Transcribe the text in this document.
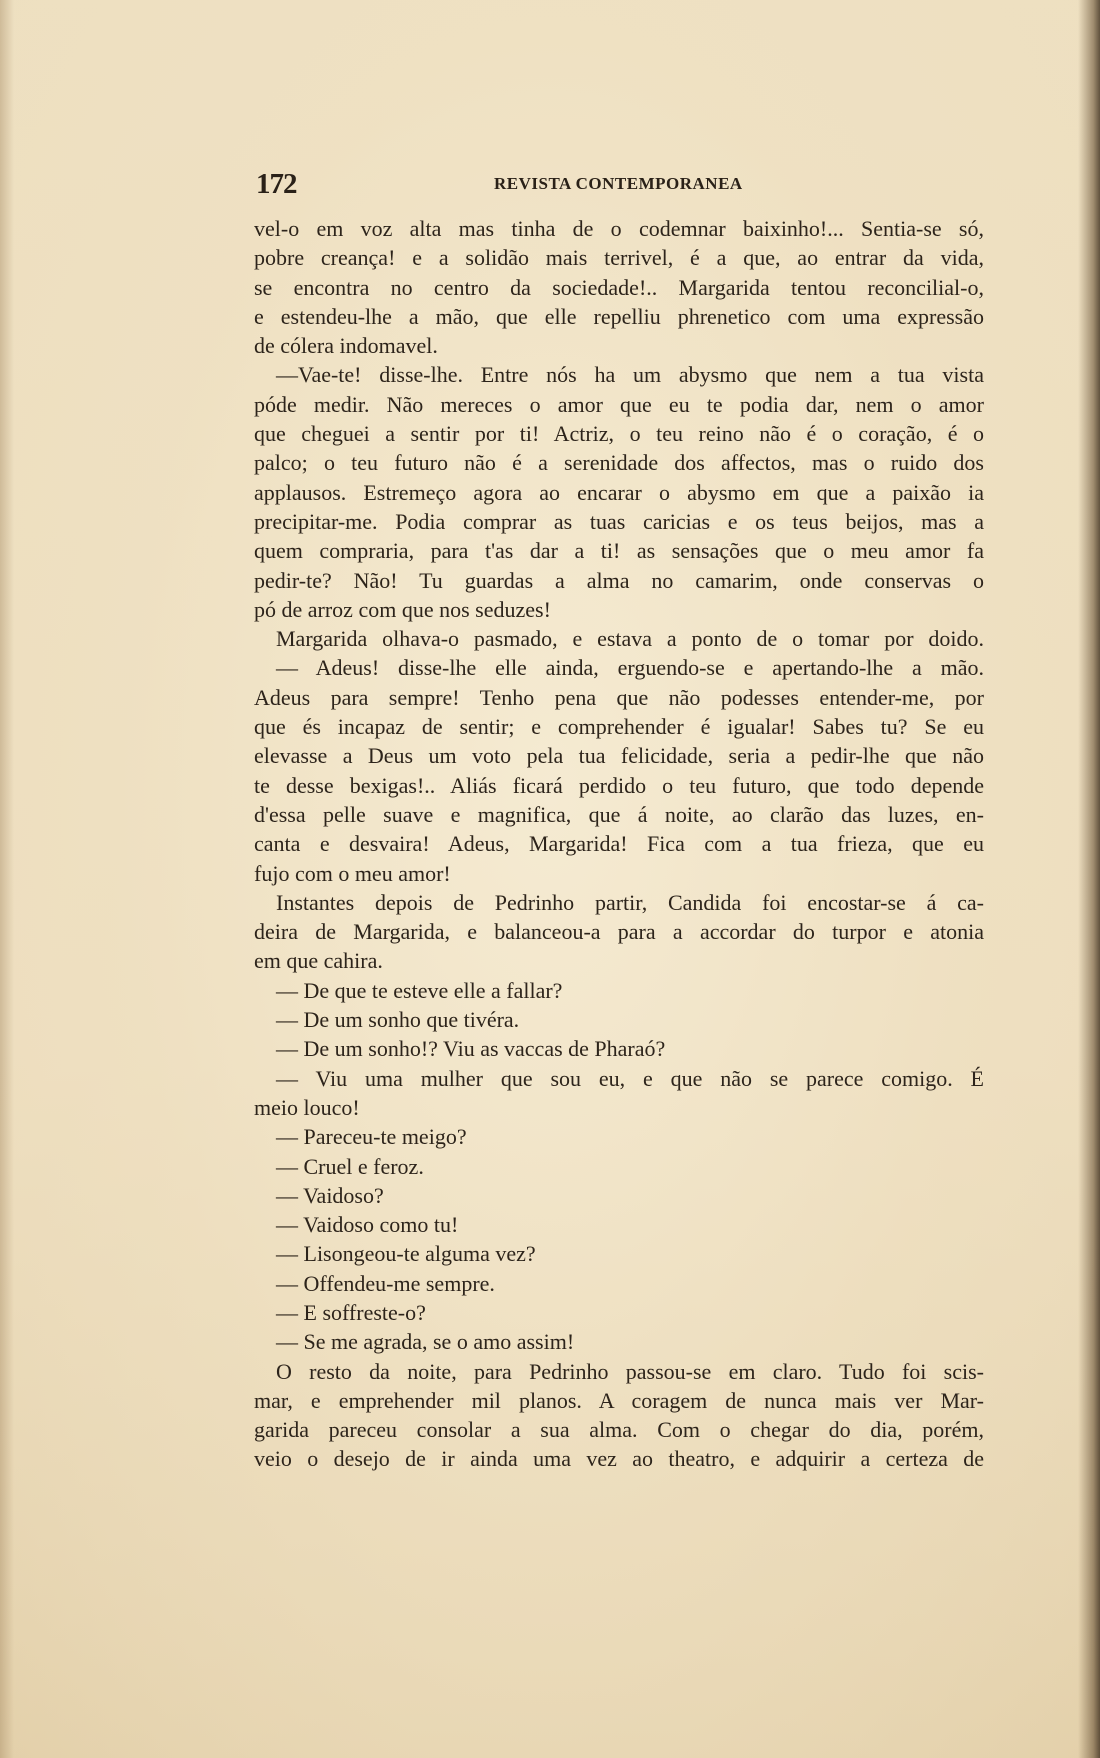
172	REVISTA CONTEMPORANEA
vel-o em voz alta mas tinha de o codemnar baixinho!... Sentia-se só,
pobre creança! e a solidão mais terrivel, é a que, ao entrar da vida,
se encontra no centro da sociedade!.. Margarida tentou reconcilial-o,
e estendeu-lhe a mão, que elle repelliu phrenetico com uma expressão
de cólera indomavel.
—Vae-te! disse-lhe. Entre nós ha um abysmo que nem a tua vista
póde medir. Não mereces o amor que eu te podia dar, nem o amor
que cheguei a sentir por ti! Actriz, o teu reino não é o coração, é o
palco; o teu futuro não é a serenidade dos affectos, mas o ruido dos
applausos. Estremeço agora ao encarar o abysmo em que a paixão ia
precipitar-me. Podia comprar as tuas caricias e os teus beijos, mas a
quem compraria, para t'as dar a ti! as sensações que o meu amor fa
pedir-te? Não! Tu guardas a alma no camarim, onde conservas o
pó de arroz com que nos seduzes!
Margarida olhava-o pasmado, e estava a ponto de o tomar por doido.
— Adeus! disse-lhe elle ainda, erguendo-se e apertando-lhe a mão.
Adeus para sempre! Tenho pena que não podesses entender-me, por
que és incapaz de sentir; e comprehender é igualar! Sabes tu? Se eu
elevasse a Deus um voto pela tua felicidade, seria a pedir-lhe que não
te desse bexigas!.. Aliás ficará perdido o teu futuro, que todo depende
d'essa pelle suave e magnifica, que á noite, ao clarão das luzes, en-
canta e desvaira! Adeus, Margarida! Fica com a tua frieza, que eu
fujo com o meu amor!
Instantes depois de Pedrinho partir, Candida foi encostar-se á ca-
deira de Margarida, e balanceou-a para a accordar do turpor e atonia
em que cahira.
— De que te esteve elle a fallar?
— De um sonho que tivéra.
— De um sonho!? Viu as vaccas de Pharaó?
— Viu uma mulher que sou eu, e que não se parece comigo. É
meio louco!
— Pareceu-te meigo?
— Cruel e feroz.
— Vaidoso?
— Vaidoso como tu!
— Lisongeou-te alguma vez?
— Offendeu-me sempre.
— E soffreste-o?
— Se me agrada, se o amo assim!
O resto da noite, para Pedrinho passou-se em claro. Tudo foi scis-
mar, e emprehender mil planos. A coragem de nunca mais ver Mar-
garida pareceu consolar a sua alma. Com o chegar do dia, porém,
veio o desejo de ir ainda uma vez ao theatro, e adquirir a certeza de
